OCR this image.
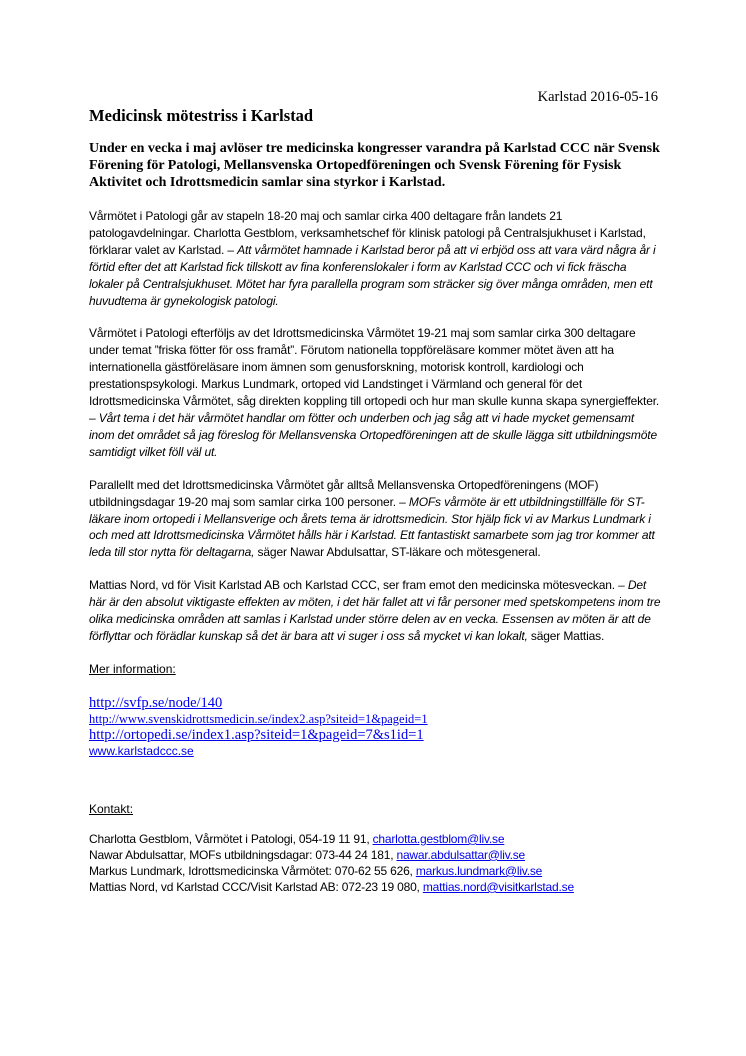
Karlstad 2016-05-16
Medicinsk mötestriss i Karlstad

Under en vecka i maj avlöser tre medicinska kongresser varandra på Karlstad CCC när Svensk Förening för Patologi, Mellansvenska Ortopedföreningen och Svensk Förening för Fysisk Aktivitet och Idrottsmedicin samlar sina styrkor i Karlstad.

Vårmötet i Patologi går av stapeln 18-20 maj och samlar cirka 400 deltagare från landets 21 patologavdelningar. Charlotta Gestblom, verksamhetschef för klinisk patologi på Centralsjukhuset i Karlstad, förklarar valet av Karlstad. – Att vårmötet hamnade i Karlstad beror på att vi erbjöd oss att vara värd några år i förtid efter det att Karlstad fick tillskott av fina konferenslokaler i form av Karlstad CCC och vi fick fräscha lokaler på Centralsjukhuset. Mötet har fyra parallella program som sträcker sig över många områden, men ett huvudtema är gynekologisk patologi.

Vårmötet i Patologi efterföljs av det Idrottsmedicinska Vårmötet 19-21 maj som samlar cirka 300 deltagare under temat ”friska fötter för oss framåt”. Förutom nationella toppföreläsare kommer mötet även att ha internationella gästföreläsare inom ämnen som genusforskning, motorisk kontroll, kardiologi och prestationspsykologi. Markus Lundmark, ortoped vid Landstinget i Värmland och general för det Idrottsmedicinska Vårmötet, såg direkten koppling till ortopedi och hur man skulle kunna skapa synergieffekter. – Vårt tema i det här vårmötet handlar om fötter och underben och jag såg att vi hade mycket gemensamt inom det området så jag föreslog för Mellansvenska Ortopedföreningen att de skulle lägga sitt utbildningsmöte samtidigt vilket föll väl ut.

Parallellt med det Idrottsmedicinska Vårmötet går alltså Mellansvenska Ortopedföreningens (MOF) utbildningsdagar 19-20 maj som samlar cirka 100 personer. – MOFs vårmöte är ett utbildningstillfälle för ST-läkare inom ortopedi i Mellansverige och årets tema är idrottsmedicin. Stor hjälp fick vi av Markus Lundmark i och med att Idrottsmedicinska Vårmötet hålls här i Karlstad. Ett fantastiskt samarbete som jag tror kommer att leda till stor nytta för deltagarna, säger Nawar Abdulsattar, ST-läkare och mötesgeneral.

Mattias Nord, vd för Visit Karlstad AB och Karlstad CCC, ser fram emot den medicinska mötesveckan. – Det här är den absolut viktigaste effekten av möten, i det här fallet att vi får personer med spetskompetens inom tre olika medicinska områden att samlas i Karlstad under större delen av en vecka. Essensen av möten är att de förflyttar och förädlar kunskap så det är bara att vi suger i oss så mycket vi kan lokalt, säger Mattias.

Mer information:
http://svfp.se/node/140
http://www.svenskidrottsmedicin.se/index2.asp?siteid=1&pageid=1
http://ortopedi.se/index1.asp?siteid=1&pageid=7&s1id=1
www.karlstadccc.se
Kontakt:
Charlotta Gestblom, Vårmötet i Patologi, 054-19 11 91, charlotta.gestblom@liv.se
Nawar Abdulsattar, MOFs utbildningsdagar: 073-44 24 181, nawar.abdulsattar@liv.se
Markus Lundmark, Idrottsmedicinska Vårmötet: 070-62 55 626, markus.lundmark@liv.se
Mattias Nord, vd Karlstad CCC/Visit Karlstad AB: 072-23 19 080, mattias.nord@visitkarlstad.se
